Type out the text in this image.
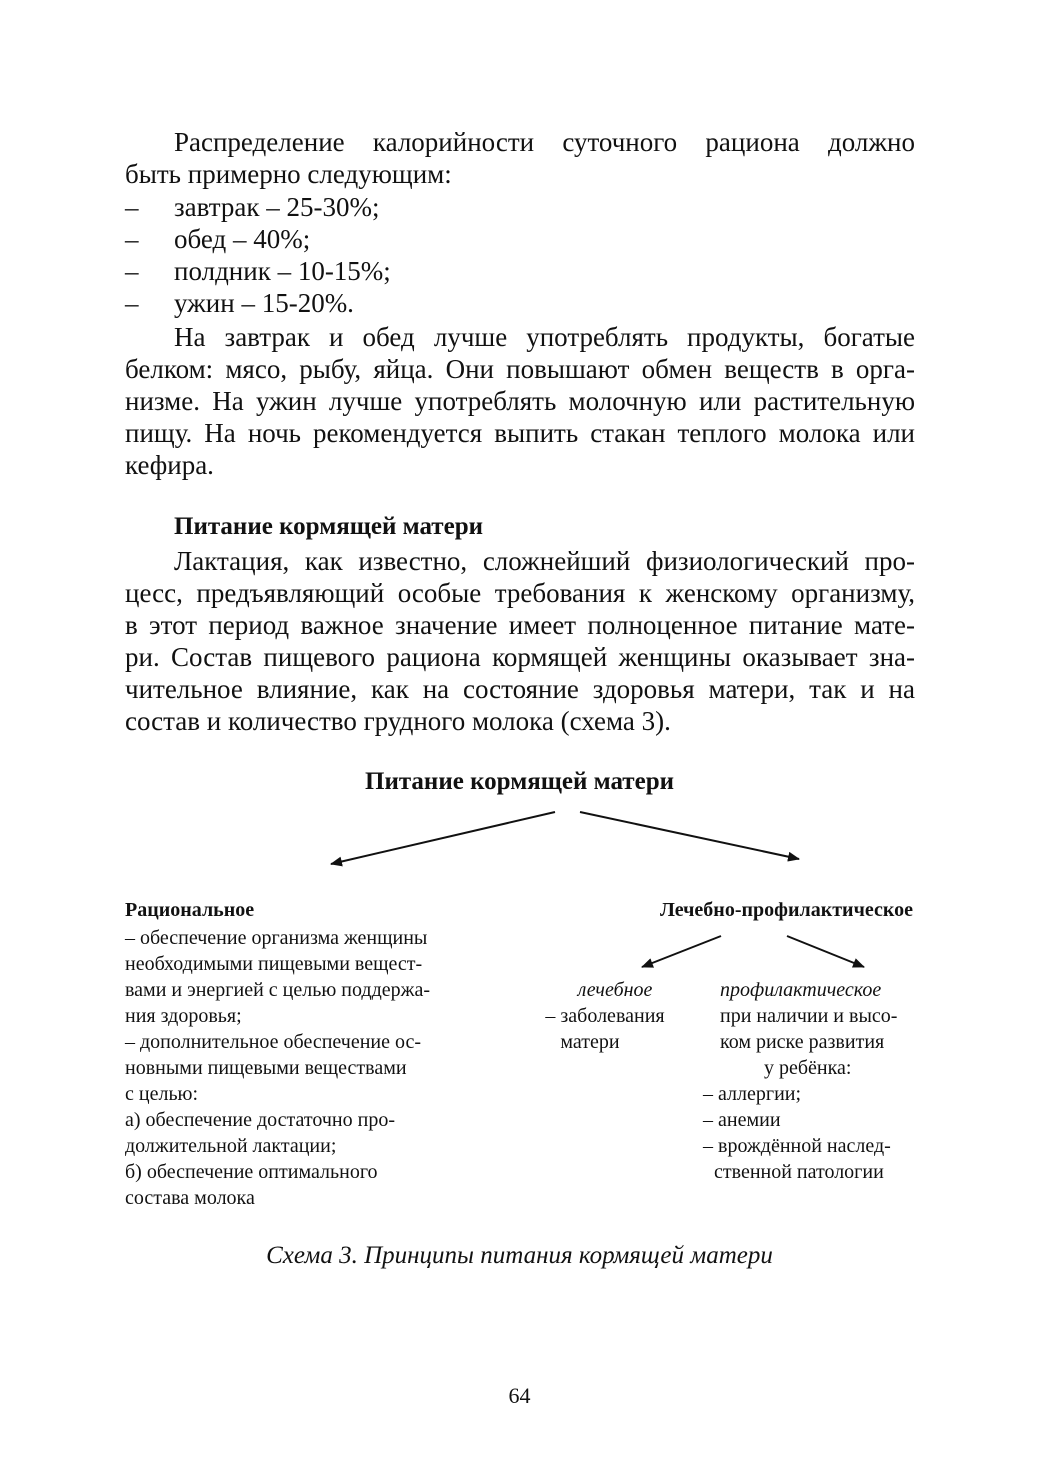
Распределение калорийности суточного рациона должно
быть примерно следующим:
– завтрак – 25-30%;
– обед – 40%;
– полдник – 10-15%;
– ужин – 15-20%.
На завтрак и обед лучше употреблять продукты, богатые
белком: мясо, рыбу, яйца. Они повышают обмен веществ в орга-
низме. На ужин лучше употреблять молочную или растительную
пищу. На ночь рекомендуется выпить стакан теплого молока или
кефира.
Питание кормящей матери
Лактация, как известно, сложнейший физиологический про-
цесс, предъявляющий особые требования к женскому организму,
в этот период важное значение имеет полноценное питание мате-
ри. Состав пищевого рациона кормящей женщины оказывает зна-
чительное влияние, как на состояние здоровья матери, так и на
состав и количество грудного молока (схема 3).
Питание кормящей матери
Рациональное
– обеспечение организма женщины
необходимыми пищевыми вещест-
вами и энергией с целью поддержа-
ния здоровья;
– дополнительное обеспечение ос-
новными пищевыми веществами
с целью:
а) обеспечение достаточно про-
должительной лактации;
б) обеспечение оптимального
состава молока
Лечебно-профилактическое
лечебное
– заболевания
матери
профилактическое
при наличии и высо-
ком риске развития
у ребёнка:
– аллергии;
– анемии
– врождённой наслед-
ственной патологии
Схема 3. Принципы питания кормящей матери
64
